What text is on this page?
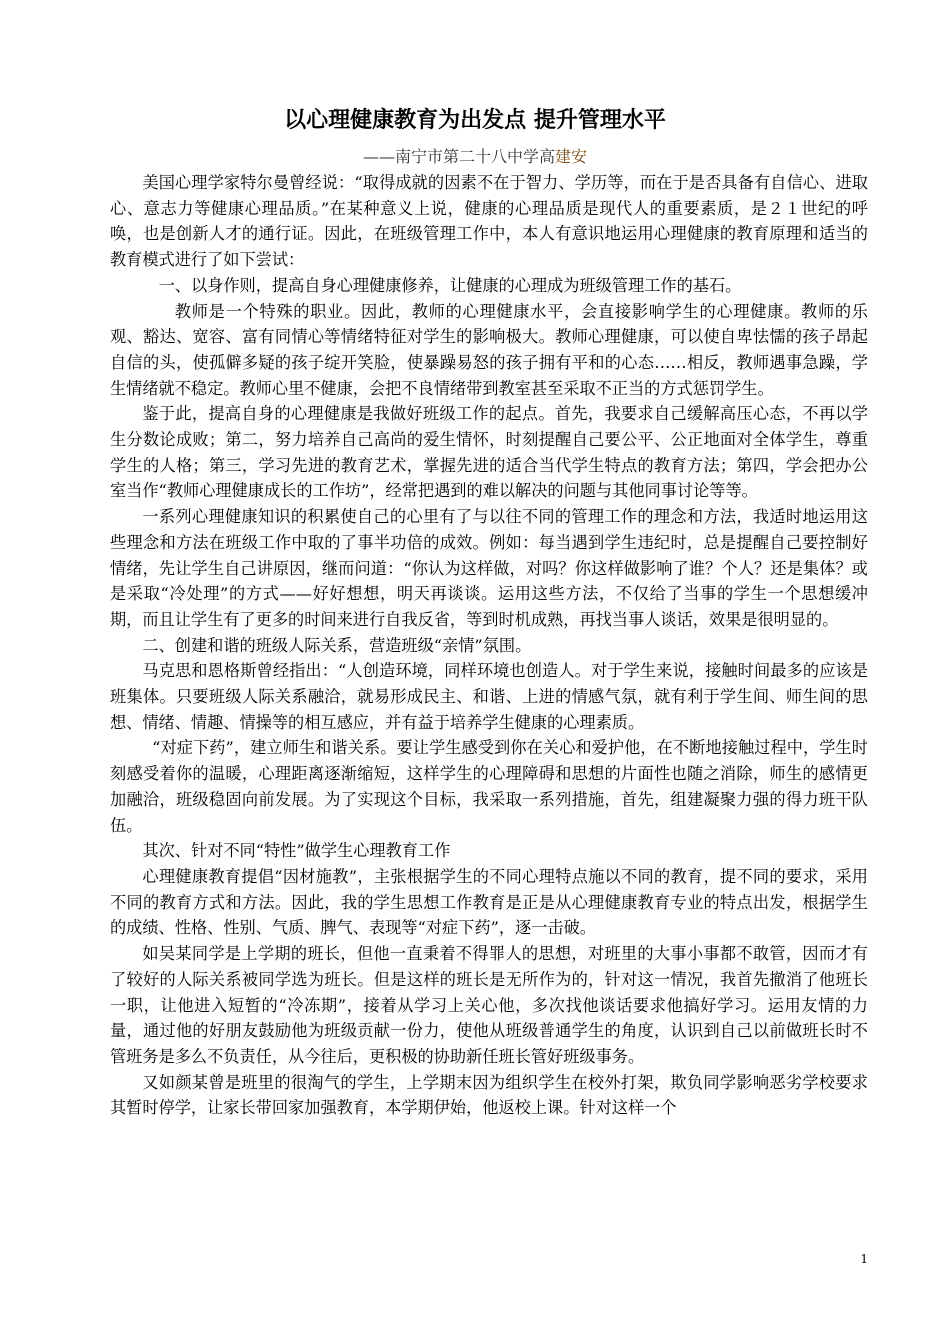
以心理健康教育为出发点 提升管理水平
——南宁市第二十八中学高建安

美国心理学家特尔曼曾经说：“取得成就的因素不在于智力、学历等，而在于是否具备有自信心、进取心、意志力等健康心理品质。”在某种意义上说，健康的心理品质是现代人的重要素质，是２１世纪的呼唤，也是创新人才的通行证。因此，在班级管理工作中，本人有意识地运用心理健康的教育原理和适当的教育模式进行了如下尝试：

一、以身作则，提高自身心理健康修养，让健康的心理成为班级管理工作的基石。

教师是一个特殊的职业。因此，教师的心理健康水平，会直接影响学生的心理健康。教师的乐观、豁达、宽容、富有同情心等情绪特征对学生的影响极大。教师心理健康，可以使自卑怯懦的孩子昂起自信的头，使孤僻多疑的孩子绽开笑脸，使暴躁易怒的孩子拥有平和的心态……相反，教师遇事急躁，学生情绪就不稳定。教师心里不健康，会把不良情绪带到教室甚至采取不正当的方式惩罚学生。

鉴于此，提高自身的心理健康是我做好班级工作的起点。首先，我要求自己缓解高压心态，不再以学生分数论成败；第二，努力培养自己高尚的爱生情怀，时刻提醒自己要公平、公正地面对全体学生，尊重学生的人格；第三，学习先进的教育艺术，掌握先进的适合当代学生特点的教育方法；第四，学会把办公室当作“教师心理健康成长的工作坊”，经常把遇到的难以解决的问题与其他同事讨论等等。

一系列心理健康知识的积累使自己的心里有了与以往不同的管理工作的理念和方法，我适时地运用这些理念和方法在班级工作中取的了事半功倍的成效。例如：每当遇到学生违纪时，总是提醒自己要控制好情绪，先让学生自己讲原因，继而问道：“你认为这样做，对吗？你这样做影响了谁？个人？还是集体？或是采取“冷处理”的方式——好好想想，明天再谈谈。运用这些方法，不仅给了当事的学生一个思想缓冲期，而且让学生有了更多的时间来进行自我反省，等到时机成熟，再找当事人谈话，效果是很明显的。

二、创建和谐的班级人际关系，营造班级“亲情”氛围。

马克思和恩格斯曾经指出：“人创造环境，同样环境也创造人。对于学生来说，接触时间最多的应该是班集体。只要班级人际关系融洽，就易形成民主、和谐、上进的情感气氛，就有利于学生间、师生间的思想、情绪、情趣、情操等的相互感应，并有益于培养学生健康的心理素质。

“对症下药”，建立师生和谐关系。要让学生感受到你在关心和爱护他，在不断地接触过程中，学生时刻感受着你的温暖，心理距离逐渐缩短，这样学生的心理障碍和思想的片面性也随之消除，师生的感情更加融洽，班级稳固向前发展。为了实现这个目标，我采取一系列措施，首先，组建凝聚力强的得力班干队伍。

其次、针对不同“特性”做学生心理教育工作

心理健康教育提倡“因材施教”，主张根据学生的不同心理特点施以不同的教育，提不同的要求，采用不同的教育方式和方法。因此，我的学生思想工作教育是正是从心理健康教育专业的特点出发，根据学生的成绩、性格、性别、气质、脾气、表现等“对症下药”，逐一击破。

如吴某同学是上学期的班长，但他一直秉着不得罪人的思想，对班里的大事小事都不敢管，因而才有了较好的人际关系被同学选为班长。但是这样的班长是无所作为的，针对这一情况，我首先撤消了他班长一职，让他进入短暂的“冷冻期”，接着从学习上关心他，多次找他谈话要求他搞好学习。运用友情的力量，通过他的好朋友鼓励他为班级贡献一份力，使他从班级普通学生的角度，认识到自己以前做班长时不管班务是多么不负责任，从今往后，更积极的协助新任班长管好班级事务。

又如颜某曾是班里的很淘气的学生，上学期末因为组织学生在校外打架，欺负同学影响恶劣学校要求其暂时停学，让家长带回家加强教育，本学期伊始，他返校上课。针对这样一个

1
